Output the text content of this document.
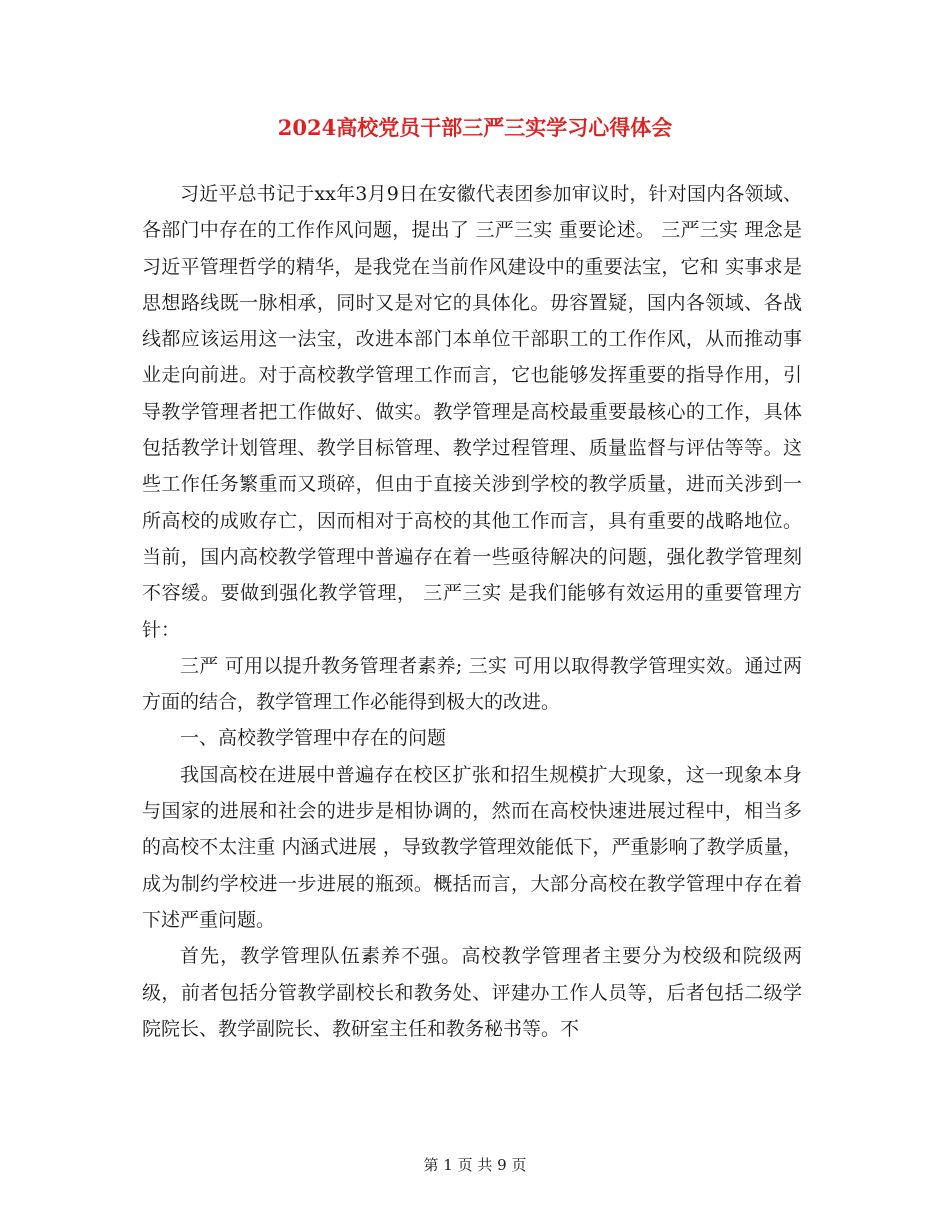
2024高校党员干部三严三实学习心得体会

习近平总书记于xx年3月9日在安徽代表团参加审议时，针对国内各领域、各部门中存在的工作作风问题，提出了 三严三实 重要论述。 三严三实 理念是习近平管理哲学的精华，是我党在当前作风建设中的重要法宝，它和 实事求是 思想路线既一脉相承，同时又是对它的具体化。毋容置疑，国内各领域、各战线都应该运用这一法宝，改进本部门本单位干部职工的工作作风，从而推动事业走向前进。对于高校教学管理工作而言，它也能够发挥重要的指导作用，引导教学管理者把工作做好、做实。教学管理是高校最重要最核心的工作，具体包括教学计划管理、教学目标管理、教学过程管理、质量监督与评估等等。这些工作任务繁重而又琐碎，但由于直接关涉到学校的教学质量，进而关涉到一所高校的成败存亡，因而相对于高校的其他工作而言，具有重要的战略地位。当前，国内高校教学管理中普遍存在着一些亟待解决的问题，强化教学管理刻不容缓。要做到强化教学管理， 三严三实 是我们能够有效运用的重要管理方针：

三严 可用以提升教务管理者素养; 三实 可用以取得教学管理实效。通过两方面的结合，教学管理工作必能得到极大的改进。

一、高校教学管理中存在的问题

我国高校在进展中普遍存在校区扩张和招生规模扩大现象，这一现象本身与国家的进展和社会的进步是相协调的，然而在高校快速进展过程中，相当多的高校不太注重 内涵式进展 ，导致教学管理效能低下，严重影响了教学质量，成为制约学校进一步进展的瓶颈。概括而言，大部分高校在教学管理中存在着下述严重问题。

首先，教学管理队伍素养不强。高校教学管理者主要分为校级和院级两级，前者包括分管教学副校长和教务处、评建办工作人员等，后者包括二级学院院长、教学副院长、教研室主任和教务秘书等。不

第 1 页 共 9 页
